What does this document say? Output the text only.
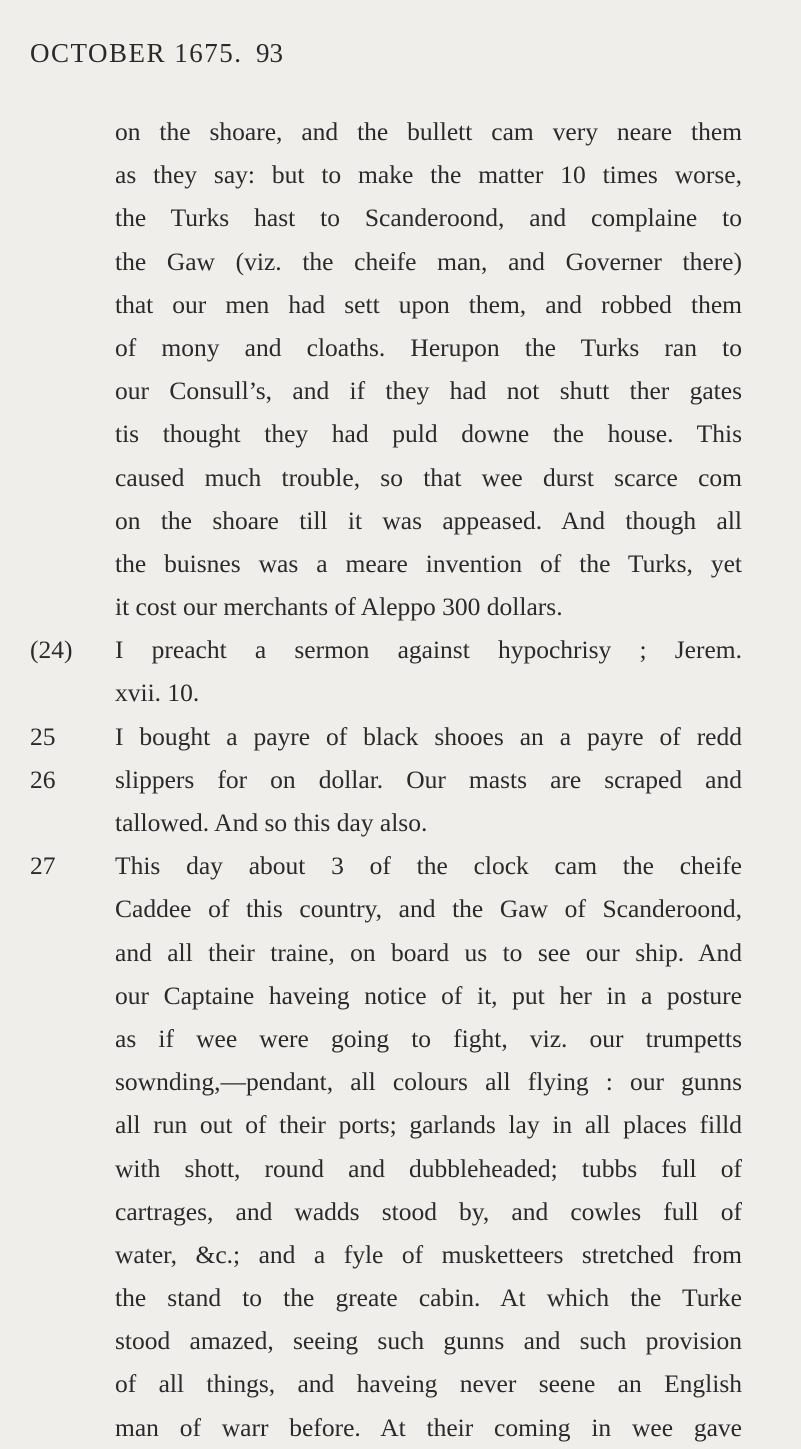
OCTOBER 1675. 93
on the shoare, and the bullett cam very neare them
as they say: but to make the matter 10 times worse,
the Turks hast to Scanderoond, and complaine to
the Gaw (viz. the cheife man, and Governer there)
that our men had sett upon them, and robbed them
of mony and cloaths. Herupon the Turks ran to
our Consull’s, and if they had not shutt ther gates
tis thought they had puld downe the house. This
caused much trouble, so that wee durst scarce com
on the shoare till it was appeased. And though all
the buisnes was a meare invention of the Turks, yet
it cost our merchants of Aleppo 300 dollars.
(24)	I preacht a sermon against hypochrisy ; Jerem.
xvii. 10.
25	I bought a payre of black shooes an a payre of redd
26	slippers for on dollar. Our masts are scraped and
tallowed. And so this day also.
27	This day about 3 of the clock cam the cheife
Caddee of this country, and the Gaw of Scanderoond,
and all their traine, on board us to see our ship. And
our Captaine haveing notice of it, put her in a posture
as if wee were going to fight, viz. our trumpetts
sownding,—pendant, all colours all flying : our gunns
all run out of their ports; garlands lay in all places filld
with shott, round and dubbleheaded; tubbs full of
cartrages, and wadds stood by, and cowles full of
water, &c.; and a fyle of musketteers stretched from
the stand to the greate cabin. At which the Turke
stood amazed, seeing such gunns and such provision
of all things, and haveing never seene an English
man of warr before. At their coming in wee gave
